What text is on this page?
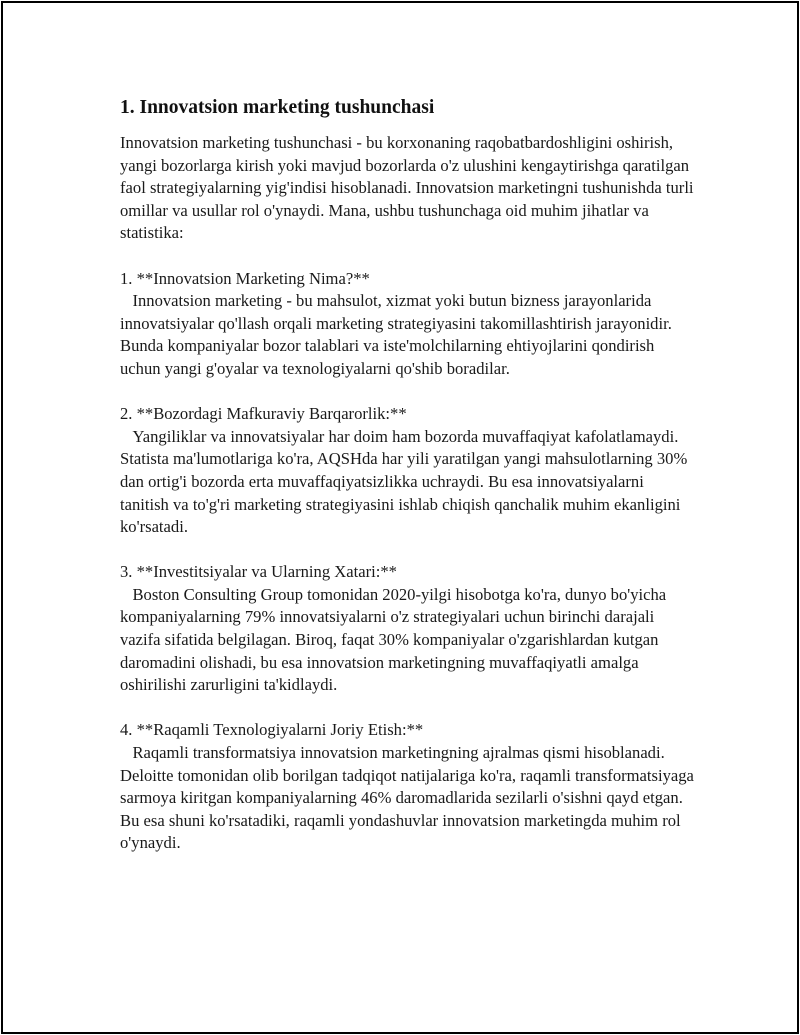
1. Innovatsion marketing tushunchasi

Innovatsion marketing tushunchasi - bu korxonaning raqobatbardoshligini oshirish, yangi bozorlarga kirish yoki mavjud bozorlarda o'z ulushini kengaytirishga qaratilgan faol strategiyalarning yig'indisi hisoblanadi. Innovatsion marketingni tushunishda turli omillar va usullar rol o'ynaydi. Mana, ushbu tushunchaga oid muhim jihatlar va statistika:

1. **Innovatsion Marketing Nima?**

Innovatsion marketing - bu mahsulot, xizmat yoki butun bizness jarayonlarida innovatsiyalar qo'llash orqali marketing strategiyasini takomillashtirish jarayonidir. Bunda kompaniyalar bozor talablari va iste'molchilarning ehtiyojlarini qondirish uchun yangi g'oyalar va texnologiyalarni qo'shib boradilar.

2. **Bozordagi Mafkuraviy Barqarorlik:**

Yangiliklar va innovatsiyalar har doim ham bozorda muvaffaqiyat kafolatlamaydi. Statista ma'lumotlariga ko'ra, AQSHda har yili yaratilgan yangi mahsulotlarning 30% dan ortig'i bozorda erta muvaffaqiyatsizlikka uchraydi. Bu esa innovatsiyalarni tanitish va to'g'ri marketing strategiyasini ishlab chiqish qanchalik muhim ekanligini ko'rsatadi.

3. **Investitsiyalar va Ularning Xatari:**

Boston Consulting Group tomonidan 2020-yilgi hisobotga ko'ra, dunyo bo'yicha kompaniyalarning 79% innovatsiyalarni o'z strategiyalari uchun birinchi darajali vazifa sifatida belgilagan. Biroq, faqat 30% kompaniyalar o'zgarishlardan kutgan daromadini olishadi, bu esa innovatsion marketingning muvaffaqiyatli amalga oshirilishi zarurligini ta'kidlaydi.

4. **Raqamli Texnologiyalarni Joriy Etish:**

Raqamli transformatsiya innovatsion marketingning ajralmas qismi hisoblanadi. Deloitte tomonidan olib borilgan tadqiqot natijalariga ko'ra, raqamli transformatsiyaga sarmoya kiritgan kompaniyalarning 46% daromadlarida sezilarli o'sishni qayd etgan. Bu esa shuni ko'rsatadiki, raqamli yondashuvlar innovatsion marketingda muhim rol o'ynaydi.
